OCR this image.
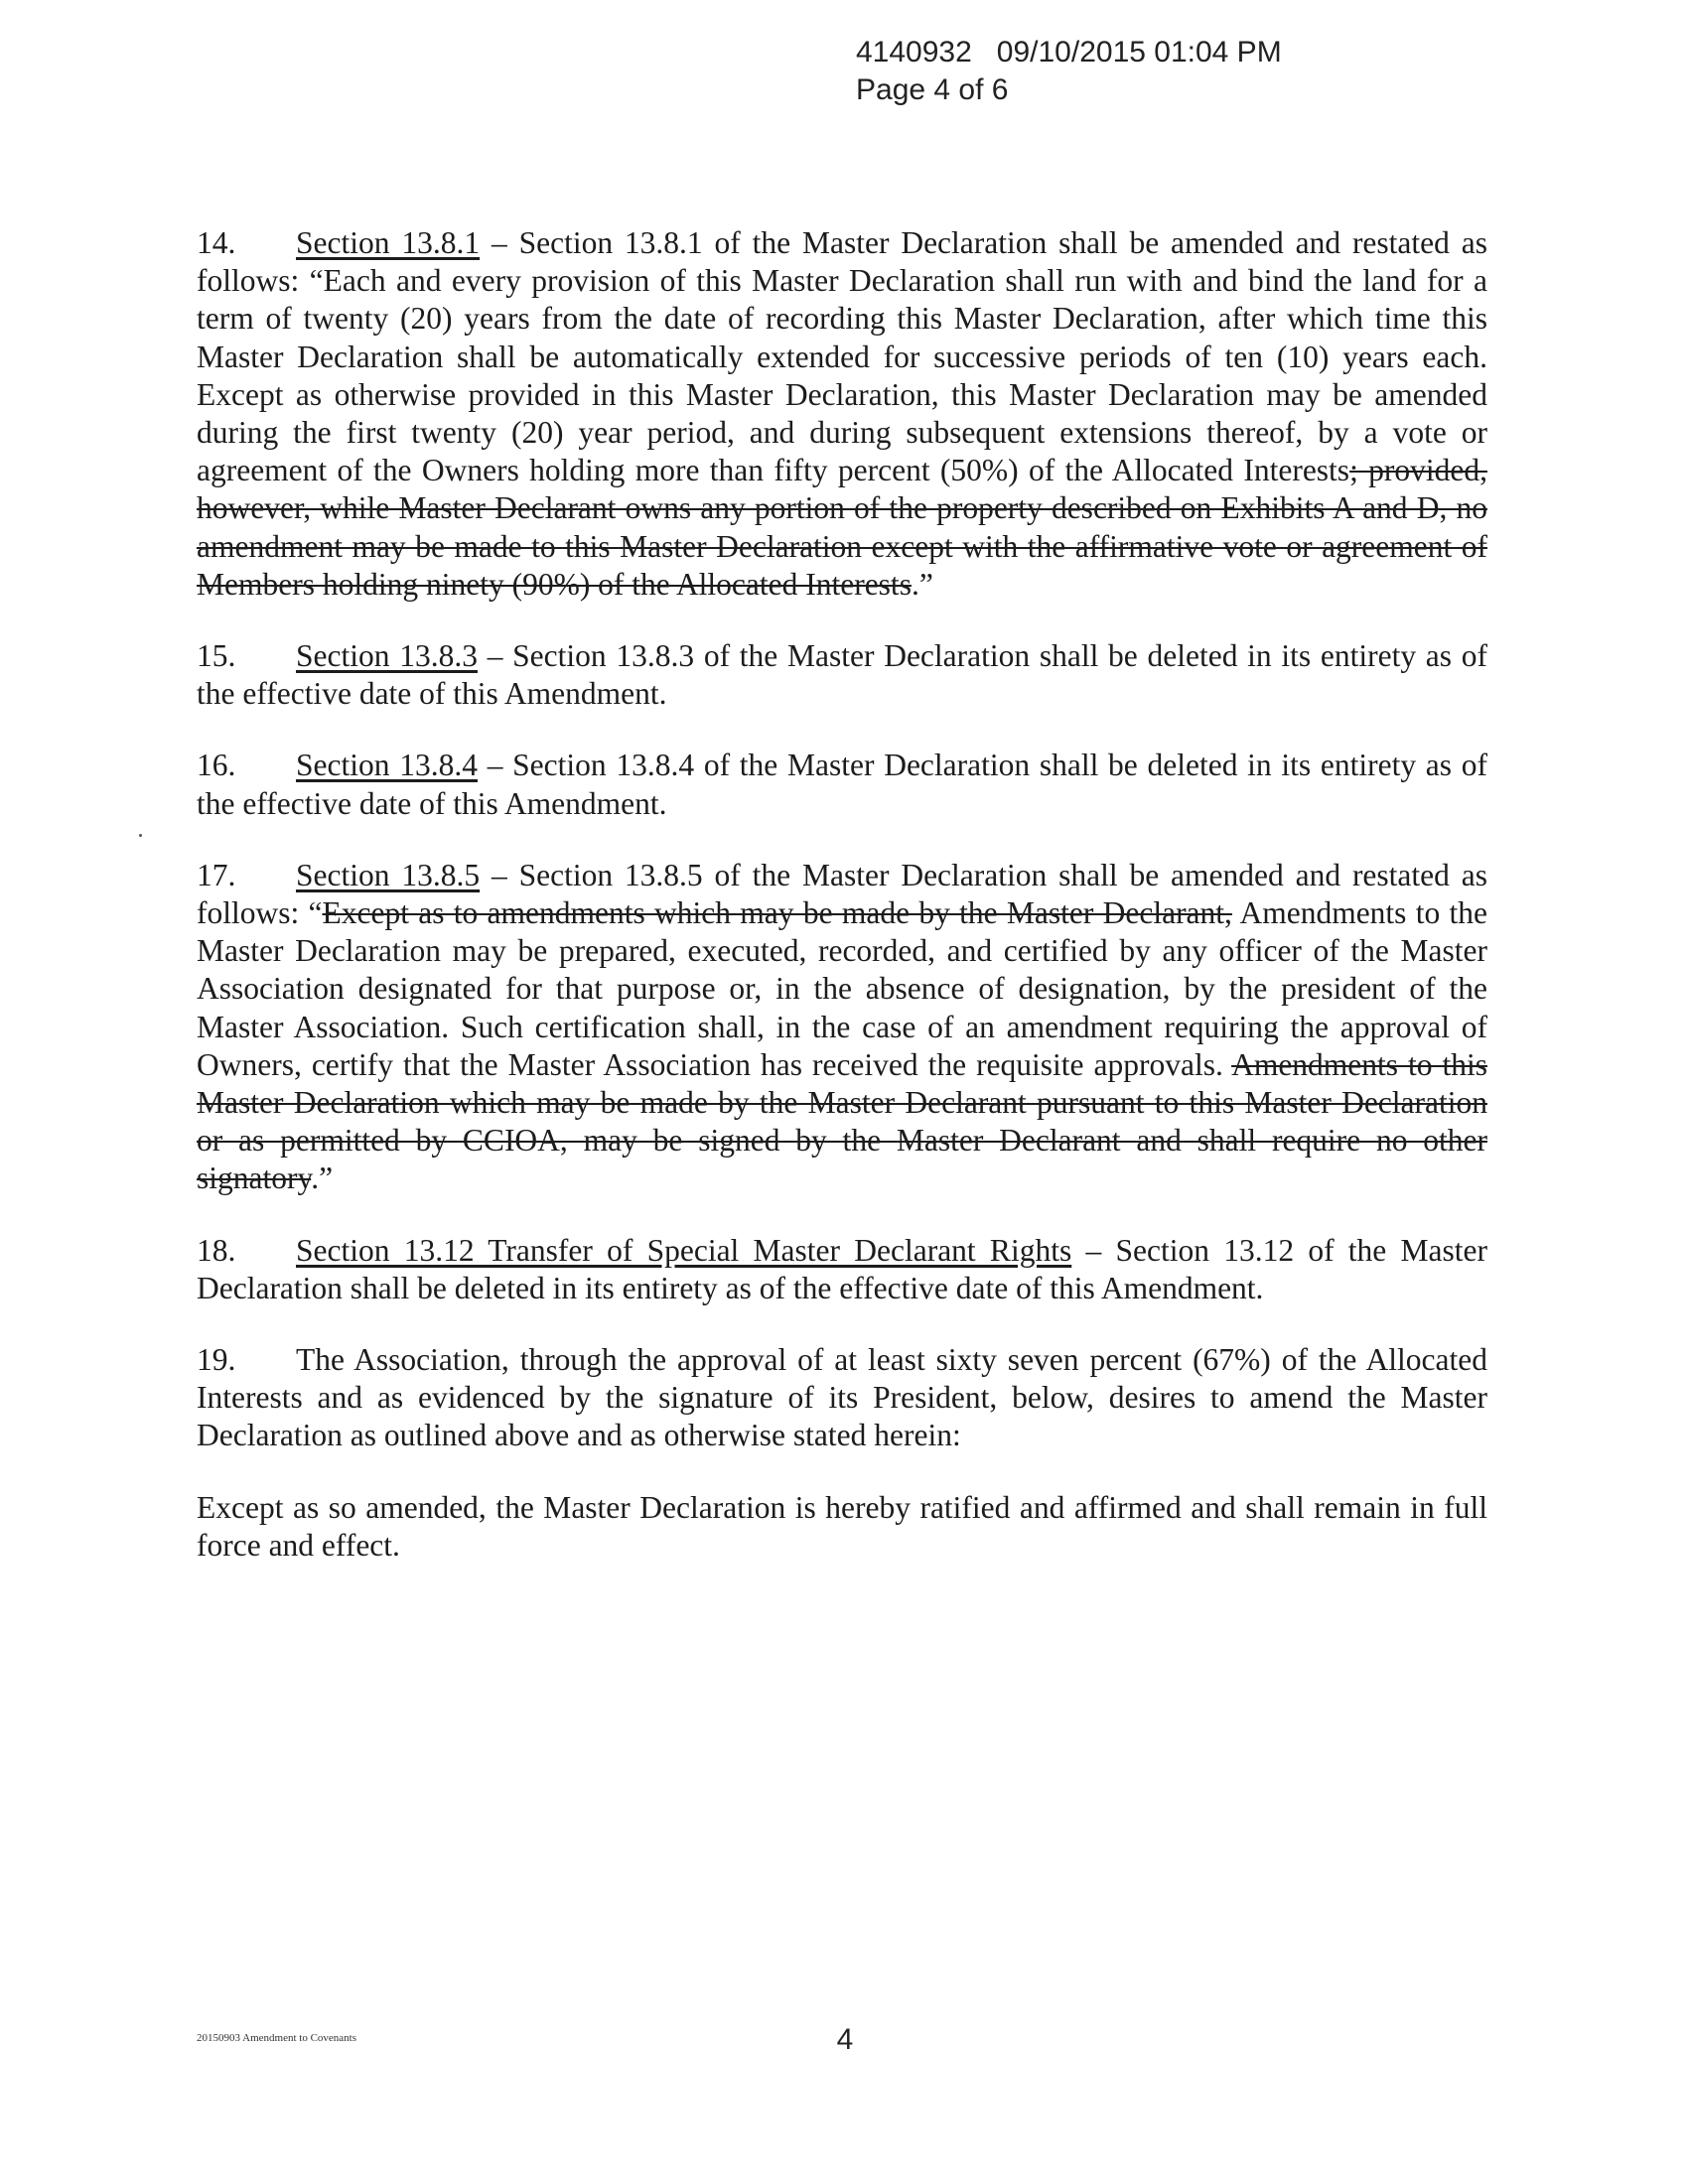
4140932   09/10/2015 01:04 PM
Page 4 of 6

14. Section 13.8.1 – Section 13.8.1 of the Master Declaration shall be amended and restated as follows: “Each and every provision of this Master Declaration shall run with and bind the land for a term of twenty (20) years from the date of recording this Master Declaration, after which time this Master Declaration shall be automatically extended for successive periods of ten (10) years each. Except as otherwise provided in this Master Declaration, this Master Declaration may be amended during the first twenty (20) year period, and during subsequent extensions thereof, by a vote or agreement of the Owners holding more than fifty percent (50%) of the Allocated Interests; provided, however, while Master Declarant owns any portion of the property described on Exhibits A and D, no amendment may be made to this Master Declaration except with the affirmative vote or agreement of Members holding ninety (90%) of the Allocated Interests.”

15. Section 13.8.3 – Section 13.8.3 of the Master Declaration shall be deleted in its entirety as of the effective date of this Amendment.

16. Section 13.8.4 – Section 13.8.4 of the Master Declaration shall be deleted in its entirety as of the effective date of this Amendment.

17. Section 13.8.5 – Section 13.8.5 of the Master Declaration shall be amended and restated as follows: “Except as to amendments which may be made by the Master Declarant, Amendments to the Master Declaration may be prepared, executed, recorded, and certified by any officer of the Master Association designated for that purpose or, in the absence of designation, by the president of the Master Association. Such certification shall, in the case of an amendment requiring the approval of Owners, certify that the Master Association has received the requisite approvals. Amendments to this Master Declaration which may be made by the Master Declarant pursuant to this Master Declaration or as permitted by CCIOA, may be signed by the Master Declarant and shall require no other signatory.”

18. Section 13.12 Transfer of Special Master Declarant Rights – Section 13.12 of the Master Declaration shall be deleted in its entirety as of the effective date of this Amendment.

19. The Association, through the approval of at least sixty seven percent (67%) of the Allocated Interests and as evidenced by the signature of its President, below, desires to amend the Master Declaration as outlined above and as otherwise stated herein:

Except as so amended, the Master Declaration is hereby ratified and affirmed and shall remain in full force and effect.

20150903 Amendment to Covenants	4
